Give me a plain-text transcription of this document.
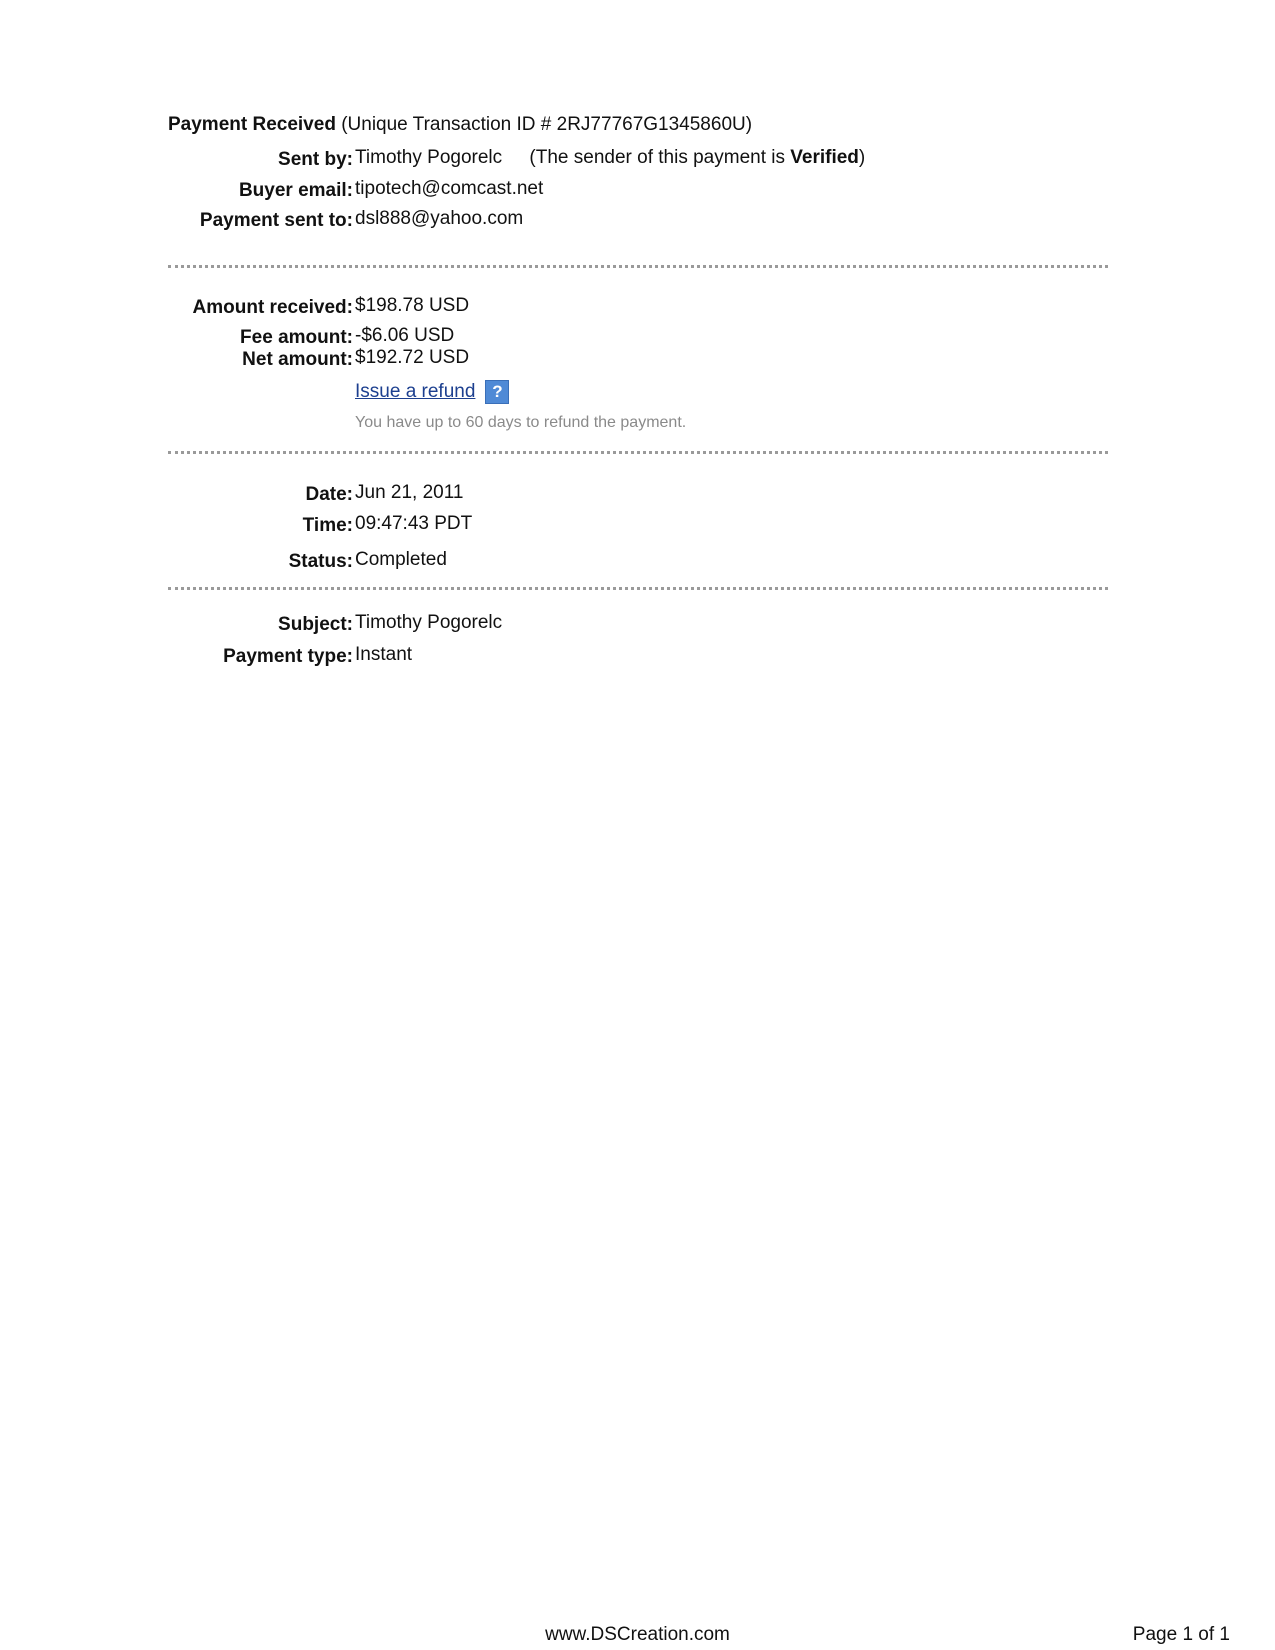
Payment Received (Unique Transaction ID # 2RJ77767G1345860U)
Sent by: Timothy Pogorelc (The sender of this payment is Verified)
Buyer email: tipotech@comcast.net
Payment sent to: dsl888@yahoo.com
Amount received: $198.78 USD
Fee amount: -$6.06 USD
Net amount: $192.72 USD
Issue a refund ?
You have up to 60 days to refund the payment.
Date: Jun 21, 2011
Time: 09:47:43 PDT
Status: Completed
Subject: Timothy Pogorelc
Payment type: Instant
www.DSCreation.com	Page 1 of 1
